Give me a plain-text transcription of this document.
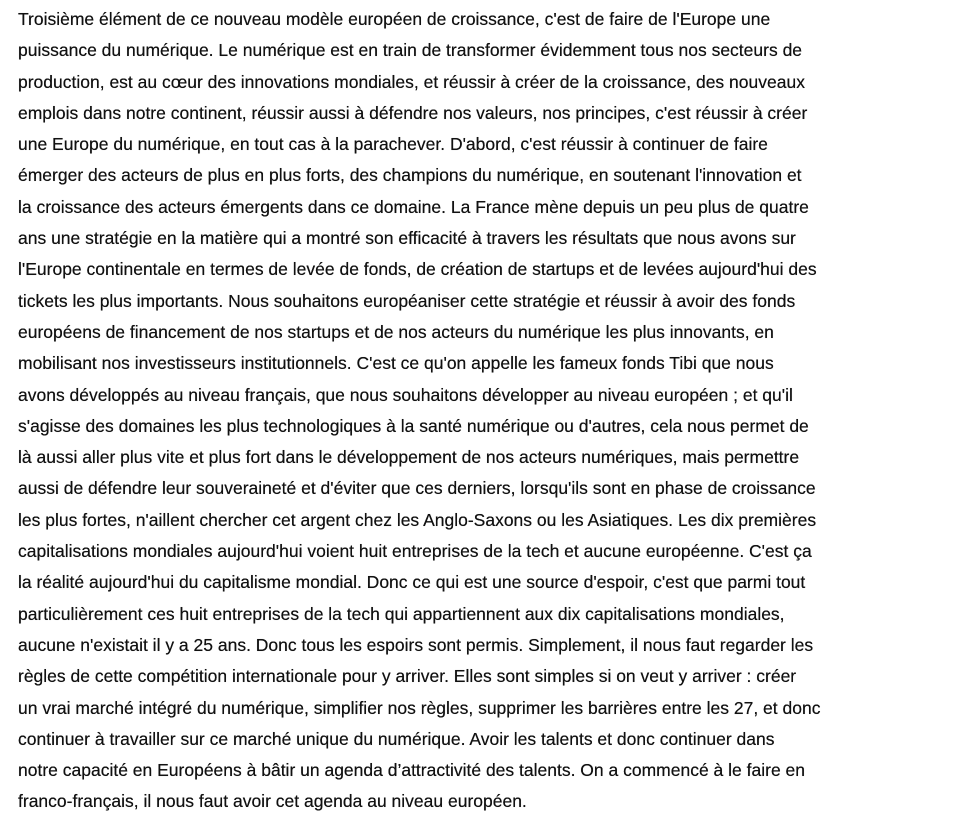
Troisième élément de ce nouveau modèle européen de croissance, c'est de faire de l'Europe une
puissance du numérique. Le numérique est en train de transformer évidemment tous nos secteurs de
production, est au cœur des innovations mondiales, et réussir à créer de la croissance, des nouveaux
emplois dans notre continent, réussir aussi à défendre nos valeurs, nos principes, c'est réussir à créer
une Europe du numérique, en tout cas à la parachever. D'abord, c'est réussir à continuer de faire
émerger des acteurs de plus en plus forts, des champions du numérique, en soutenant l'innovation et
la croissance des acteurs émergents dans ce domaine. La France mène depuis un peu plus de quatre
ans une stratégie en la matière qui a montré son efficacité à travers les résultats que nous avons sur
l'Europe continentale en termes de levée de fonds, de création de startups et de levées aujourd'hui des
tickets les plus importants. Nous souhaitons européaniser cette stratégie et réussir à avoir des fonds
européens de financement de nos startups et de nos acteurs du numérique les plus innovants, en
mobilisant nos investisseurs institutionnels. C'est ce qu'on appelle les fameux fonds Tibi que nous
avons développés au niveau français, que nous souhaitons développer au niveau européen ; et qu'il
s'agisse des domaines les plus technologiques à la santé numérique ou d'autres, cela nous permet de
là aussi aller plus vite et plus fort dans le développement de nos acteurs numériques, mais permettre
aussi de défendre leur souveraineté et d'éviter que ces derniers, lorsqu'ils sont en phase de croissance
les plus fortes, n'aillent chercher cet argent chez les Anglo-Saxons ou les Asiatiques. Les dix premières
capitalisations mondiales aujourd'hui voient huit entreprises de la tech et aucune européenne. C'est ça
la réalité aujourd'hui du capitalisme mondial. Donc ce qui est une source d'espoir, c'est que parmi tout
particulièrement ces huit entreprises de la tech qui appartiennent aux dix capitalisations mondiales,
aucune n'existait il y a 25 ans. Donc tous les espoirs sont permis. Simplement, il nous faut regarder les
règles de cette compétition internationale pour y arriver. Elles sont simples si on veut y arriver : créer
un vrai marché intégré du numérique, simplifier nos règles, supprimer les barrières entre les 27, et donc
continuer à travailler sur ce marché unique du numérique. Avoir les talents et donc continuer dans
notre capacité en Européens à bâtir un agenda d’attractivité des talents. On a commencé à le faire en
franco-français, il nous faut avoir cet agenda au niveau européen.
